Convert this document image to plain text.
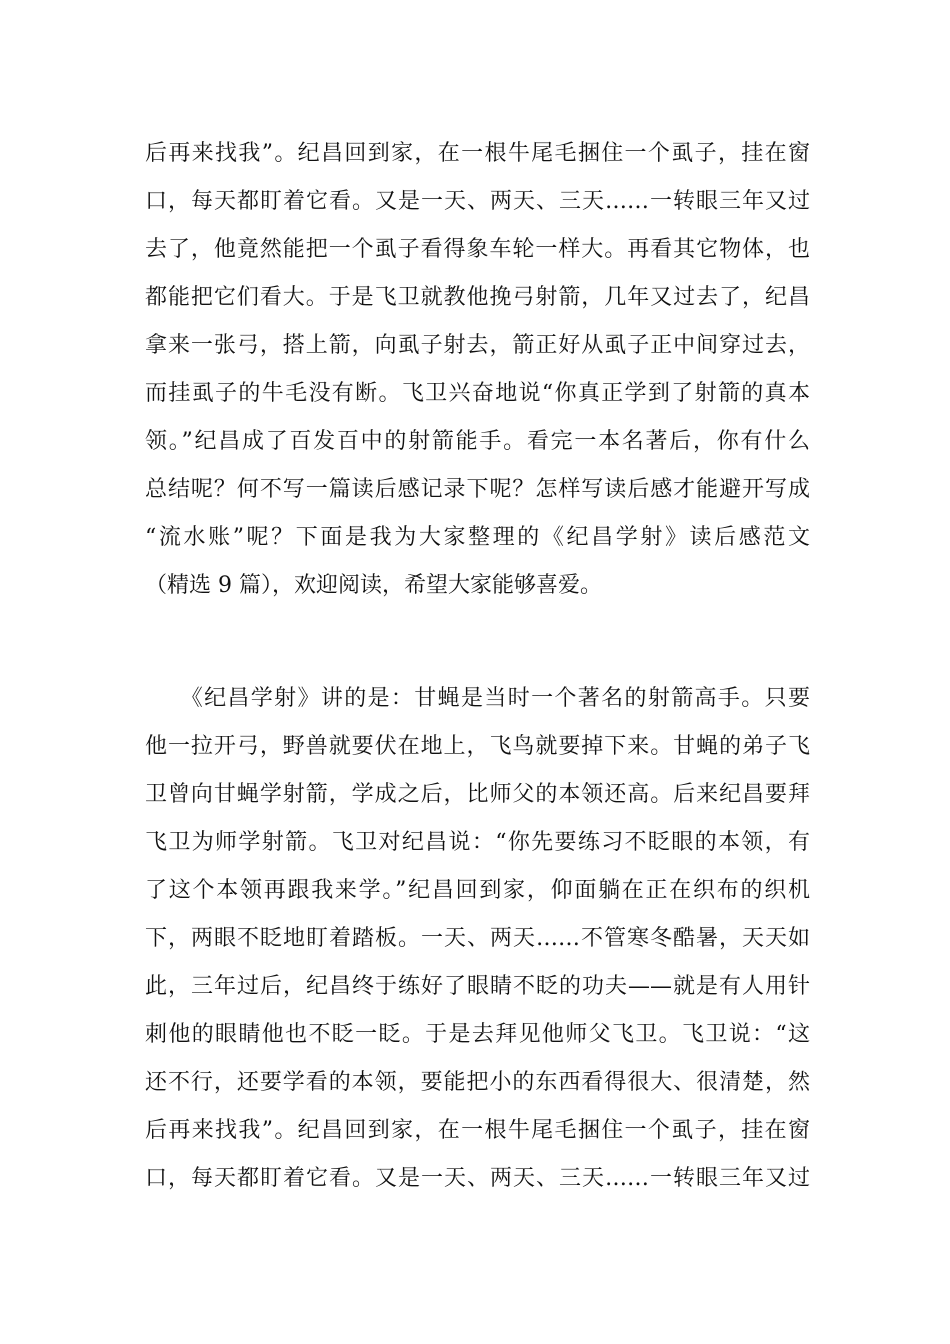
后再来找我”。纪昌回到家，在一根牛尾毛捆住一个虱子，挂在窗
口，每天都盯着它看。又是一天、两天、三天……一转眼三年又过
去了，他竟然能把一个虱子看得象车轮一样大。再看其它物体，也
都能把它们看大。于是飞卫就教他挽弓射箭，几年又过去了，纪昌
拿来一张弓，搭上箭，向虱子射去，箭正好从虱子正中间穿过去，
而挂虱子的牛毛没有断。飞卫兴奋地说“你真正学到了射箭的真本
领。”纪昌成了百发百中的射箭能手。看完一本名著后，你有什么
总结呢？何不写一篇读后感记录下呢？怎样写读后感才能避开写成
“流水账”呢？下面是我为大家整理的《纪昌学射》读后感范文
（精选 9 篇），欢迎阅读，希望大家能够喜爱。
　　《纪昌学射》讲的是：甘蝇是当时一个著名的射箭高手。只要
他一拉开弓，野兽就要伏在地上，飞鸟就要掉下来。甘蝇的弟子飞
卫曾向甘蝇学射箭，学成之后，比师父的本领还高。后来纪昌要拜
飞卫为师学射箭。飞卫对纪昌说：“你先要练习不眨眼的本领，有
了这个本领再跟我来学。”纪昌回到家，仰面躺在正在织布的织机
下，两眼不眨地盯着踏板。一天、两天……不管寒冬酷暑，天天如
此，三年过后，纪昌终于练好了眼睛不眨的功夫——就是有人用针
刺他的眼睛他也不眨一眨。于是去拜见他师父飞卫。飞卫说：“这
还不行，还要学看的本领，要能把小的东西看得很大、很清楚，然
后再来找我”。纪昌回到家，在一根牛尾毛捆住一个虱子，挂在窗
口，每天都盯着它看。又是一天、两天、三天……一转眼三年又过
